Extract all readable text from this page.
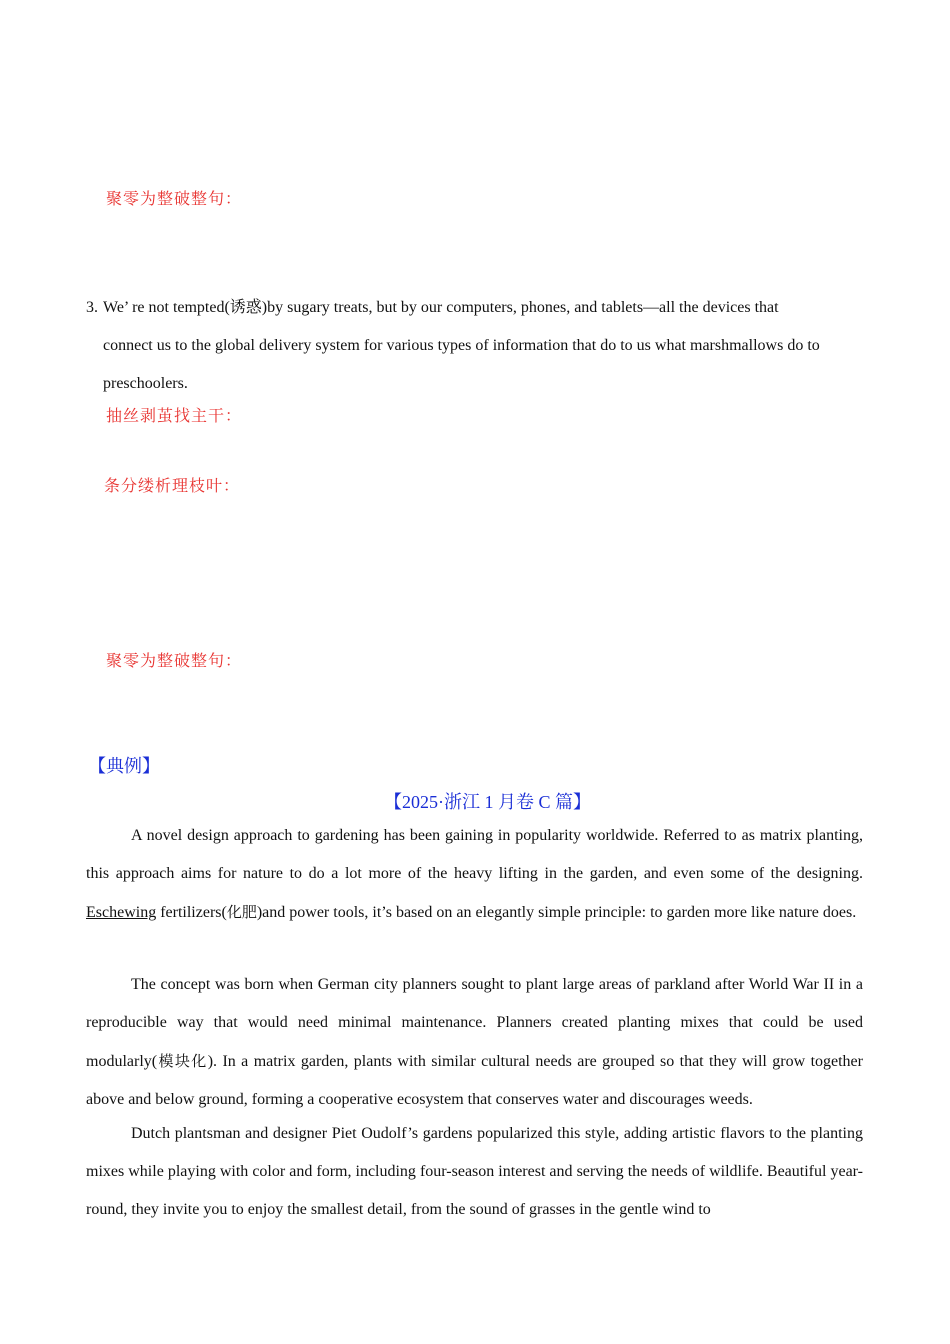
聚零为整破整句：
3. We’ re not tempted(诱惑)by sugary treats, but by our computers, phones, and tablets—all the devices that
connect us to the global delivery system for various types of information that do to us what marshmallows do to
preschoolers.
抽丝剥茧找主干：
条分缕析理枝叶：
聚零为整破整句：
【典例】
【2025·浙江 1 月卷 C 篇】

A novel design approach to gardening has been gaining in popularity worldwide. Referred to as matrix planting, this approach aims for nature to do a lot more of the heavy lifting in the garden, and even some of the designing. Eschewing fertilizers(化肥)and power tools, it’s based on an elegantly simple principle: to garden more like nature does.

The concept was born when German city planners sought to plant large areas of parkland after World War II in a reproducible way that would need minimal maintenance. Planners created planting mixes that could be used modularly(模块化). In a matrix garden, plants with similar cultural needs are grouped so that they will grow together above and below ground, forming a cooperative ecosystem that conserves water and discourages weeds.

Dutch plantsman and designer Piet Oudolf’s gardens popularized this style, adding artistic flavors to the planting mixes while playing with color and form, including four-season interest and serving the needs of wildlife. Beautiful year-round, they invite you to enjoy the smallest detail, from the sound of grasses in the gentle wind to
